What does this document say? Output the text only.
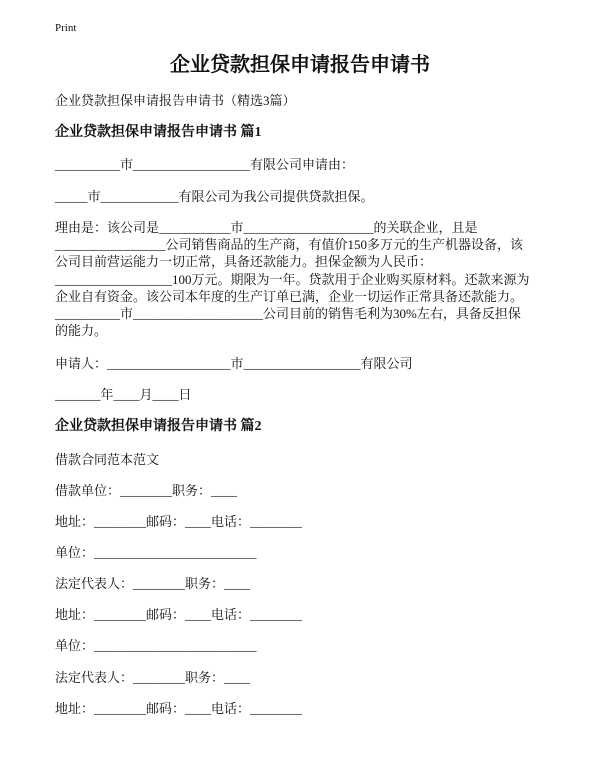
Print
企业贷款担保申请报告申请书
企业贷款担保申请报告申请书（精选3篇）
企业贷款担保申请报告申请书 篇1

__________市__________________有限公司申请由：

_____市____________有限公司为我公司提供贷款担保。

理由是：该公司是___________市____________________的关联企业，且是
_________________公司销售商品的生产商，有值价150多万元的生产机器设备，该
公司目前营运能力一切正常，具备还款能力。担保金额为人民币：
__________________100万元。期限为一年。贷款用于企业购买原材料。还款来源为
企业自有资金。该公司本年度的生产订单已满，企业一切运作正常具备还款能力。
__________市____________________公司目前的销售毛利为30%左右，具备反担保
的能力。

申请人：___________________市__________________有限公司

_______年____月____日

企业贷款担保申请报告申请书 篇2

借款合同范本范文

借款单位：________职务：____

地址：________邮码：____电话：________

单位：_________________________

法定代表人：________职务：____

地址：________邮码：____电话：________

单位：_________________________

法定代表人：________职务：____

地址：________邮码：____电话：________
